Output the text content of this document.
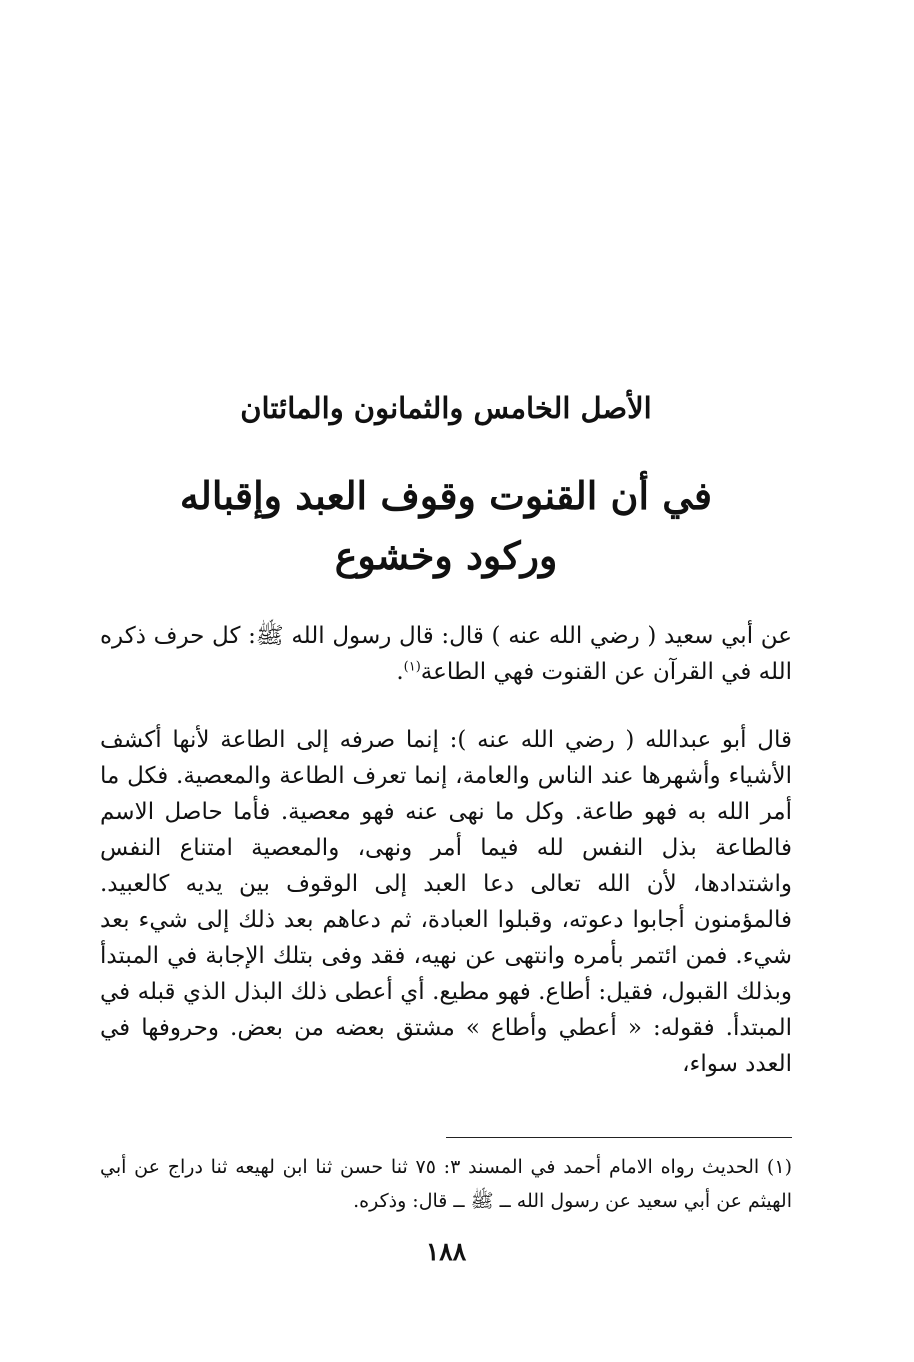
الأصل الخامس والثمانون والمائتان
في أن القنوت وقوف العبد وإقباله
وركود وخشوع

عن أبي سعيد ( رضي الله عنه ) قال: قال رسول الله ﷺ: كل حرف ذكره الله في القرآن عن القنوت فهي الطاعة$^{(١)}$.

قال أبو عبدالله ( رضي الله عنه ): إنما صرفه إلى الطاعة لأنها أكشف الأشياء وأشهرها عند الناس والعامة، إنما تعرف الطاعة والمعصية. فكل ما أمر الله به فهو طاعة. وكل ما نهى عنه فهو معصية. فأما حاصل الاسم فالطاعة بذل النفس لله فيما أمر ونهى، والمعصية امتناع النفس واشتدادها، لأن الله تعالى دعا العبد إلى الوقوف بين يديه كالعبيد. فالمؤمنون أجابوا دعوته، وقبلوا العبادة، ثم دعاهم بعد ذلك إلى شيء بعد شيء. فمن ائتمر بأمره وانتهى عن نهيه، فقد وفى بتلك الإجابة في المبتدأ وبذلك القبول، فقيل: أطاع. فهو مطيع. أي أعطى ذلك البذل الذي قبله في المبتدأ. فقوله: « أعطي وأطاع » مشتق بعضه من بعض. وحروفها في العدد سواء،

(١) الحديث رواه الامام أحمد في المسند ٣: ٧٥ ثنا حسن ثنا ابن لهيعه ثنا دراج عن أبي الهيثم عن أبي سعيد عن رسول الله ــ ﷺ ــ قال: وذكره.

١٨٨
